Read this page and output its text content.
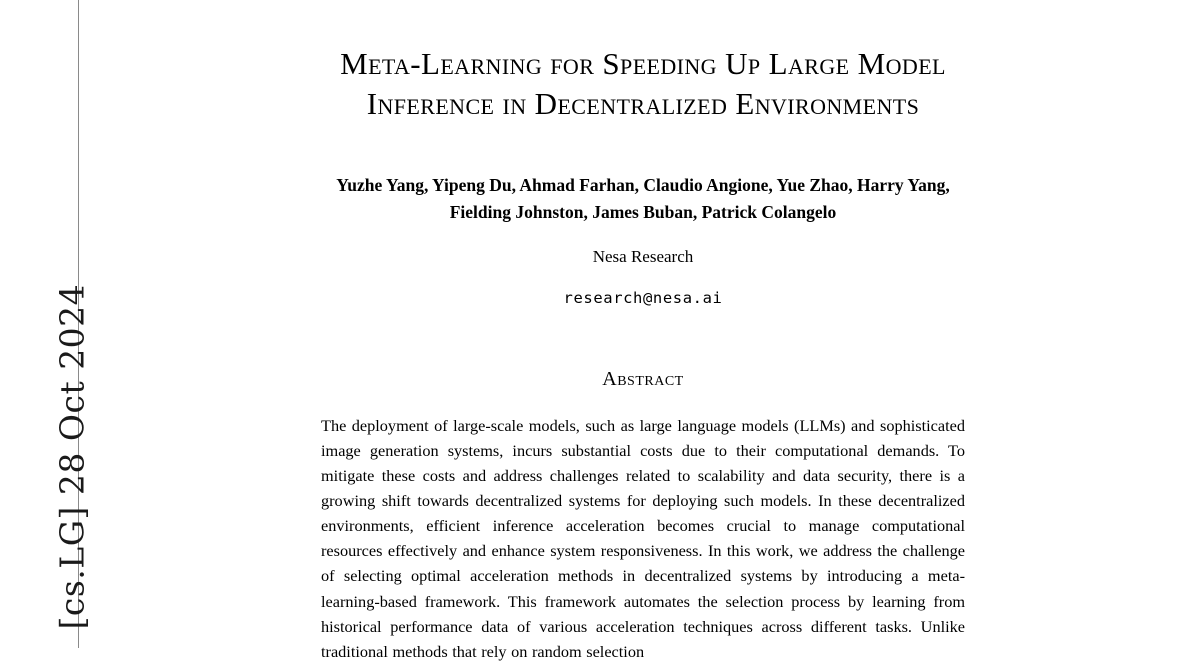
[cs.LG] 28 Oct 2024
Meta-Learning for Speeding Up Large Model
Inference in Decentralized Environments
Yuzhe Yang, Yipeng Du, Ahmad Farhan, Claudio Angione, Yue Zhao, Harry Yang,
Fielding Johnston, James Buban, Patrick Colangelo
Nesa Research
research@nesa.ai
Abstract
The deployment of large-scale models, such as large language models (LLMs) and sophisticated image generation systems, incurs substantial costs due to their computational demands. To mitigate these costs and address challenges related to scalability and data security, there is a growing shift towards decentralized systems for deploying such models. In these decentralized environments, efficient inference acceleration becomes crucial to manage computational resources effectively and enhance system responsiveness. In this work, we address the challenge of selecting optimal acceleration methods in decentralized systems by introducing a meta-learning-based framework. This framework automates the selection process by learning from historical performance data of various acceleration techniques across different tasks. Unlike traditional methods that rely on random selection
